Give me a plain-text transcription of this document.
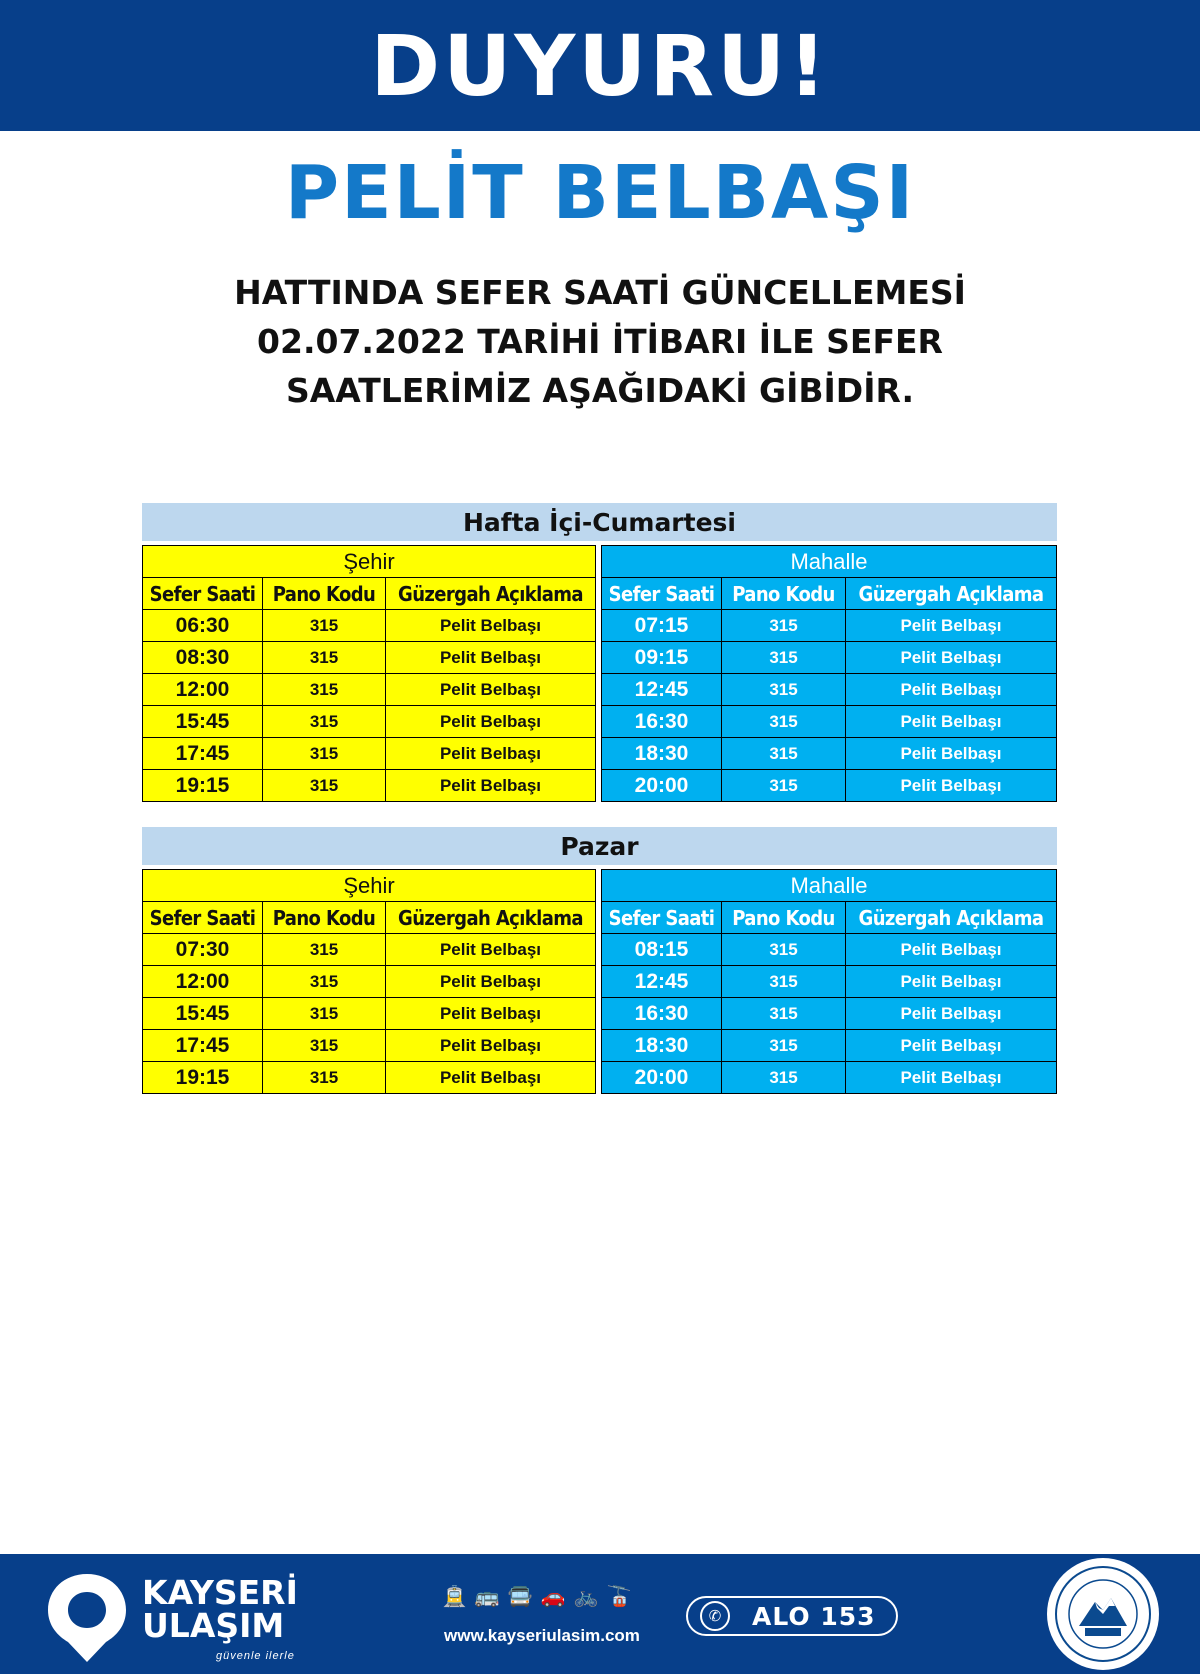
DUYURU!
PELİT BELBAŞI
HATTINDA SEFER SAATİ GÜNCELLEMESİ
02.07.2022 TARİHİ İTİBARI İLE SEFER
SAATLERİMİZ AŞAĞIDAKİ GİBİDİR.
Hafta İçi-Cumartesi
Şehir		
Sefer Saati	Pano Kodu	Güzergah Açıklama
06:30	315	Pelit Belbaşı
08:30	315	Pelit Belbaşı
12:00	315	Pelit Belbaşı
15:45	315	Pelit Belbaşı
17:45	315	Pelit Belbaşı
19:15	315	Pelit Belbaşı
Mahalle		
Sefer Saati	Pano Kodu	Güzergah Açıklama
07:15	315	Pelit Belbaşı
09:15	315	Pelit Belbaşı
12:45	315	Pelit Belbaşı
16:30	315	Pelit Belbaşı
18:30	315	Pelit Belbaşı
20:00	315	Pelit Belbaşı
Pazar
Şehir		
Sefer Saati	Pano Kodu	Güzergah Açıklama
07:30	315	Pelit Belbaşı
12:00	315	Pelit Belbaşı
15:45	315	Pelit Belbaşı
17:45	315	Pelit Belbaşı
19:15	315	Pelit Belbaşı
Mahalle		
Sefer Saati	Pano Kodu	Güzergah Açıklama
08:15	315	Pelit Belbaşı
12:45	315	Pelit Belbaşı
16:30	315	Pelit Belbaşı
18:30	315	Pelit Belbaşı
20:00	315	Pelit Belbaşı
KAYSERİ
ULAŞIM
güvenle ilerle
🚊 🚌 🚍 🚗 🚲 🚡
www.kayseriulasim.com
✆	ALO 153
